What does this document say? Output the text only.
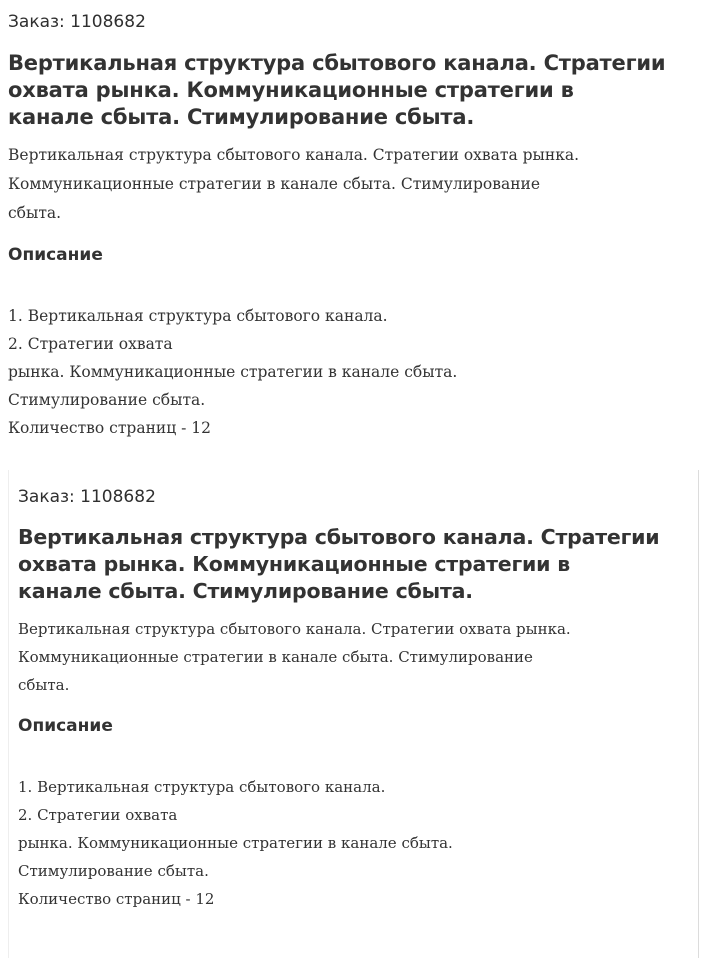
Заказ: 1108682
Вертикальная структура сбытового канала. Стратегии
охвата рынка. Коммуникационные стратегии в
канале сбыта. Стимулирование сбыта.
Вертикальная структура сбытового канала. Стратегии охвата рынка.
Коммуникационные стратегии в канале сбыта. Стимулирование
сбыта.
Описание

1. Вертикальная структура сбытового канала.

2. Стратегии охвата

рынка. Коммуникационные стратегии в канале сбыта.

Стимулирование сбыта.

Количество страниц - 12

Заказ: 1108682
Вертикальная структура сбытового канала. Стратегии
охвата рынка. Коммуникационные стратегии в
канале сбыта. Стимулирование сбыта.
Вертикальная структура сбытового канала. Стратегии охвата рынка.
Коммуникационные стратегии в канале сбыта. Стимулирование
сбыта.
Описание

1. Вертикальная структура сбытового канала.

2. Стратегии охвата

рынка. Коммуникационные стратегии в канале сбыта.

Стимулирование сбыта.

Количество страниц - 12
